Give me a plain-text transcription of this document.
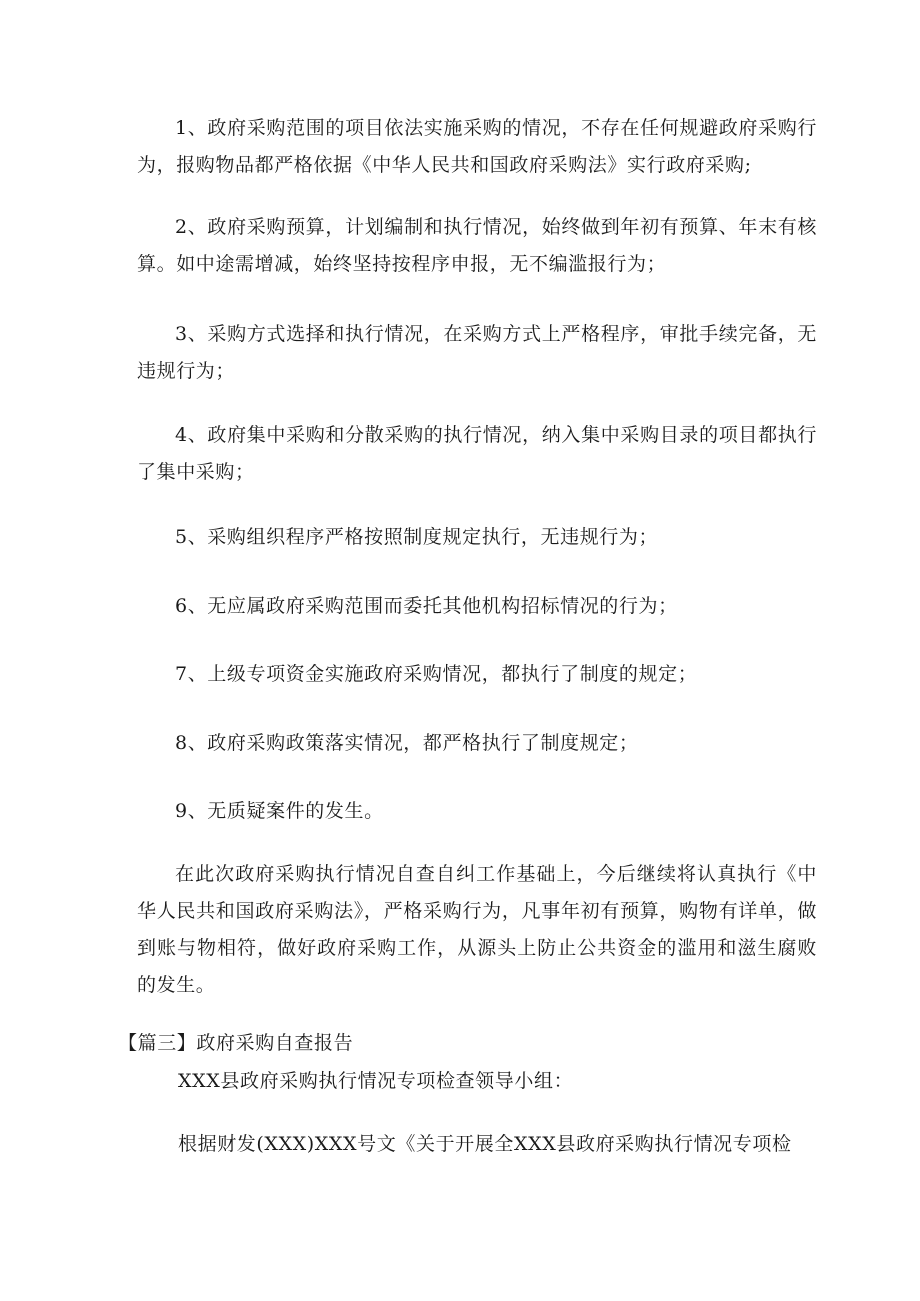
1、政府采购范围的项目依法实施采购的情况，不存在任何规避政府采购行为，报购物品都严格依据《中华人民共和国政府采购法》实行政府采购;

2、政府采购预算，计划编制和执行情况，始终做到年初有预算、年末有核算。如中途需增减，始终坚持按程序申报，无不编滥报行为；

3、采购方式选择和执行情况，在采购方式上严格程序，审批手续完备，无违规行为；

4、政府集中采购和分散采购的执行情况，纳入集中采购目录的项目都执行了集中采购；

5、采购组织程序严格按照制度规定执行，无违规行为；

6、无应属政府采购范围而委托其他机构招标情况的行为；

7、上级专项资金实施政府采购情况，都执行了制度的规定；

8、政府采购政策落实情况，都严格执行了制度规定；

9、无质疑案件的发生。

在此次政府采购执行情况自查自纠工作基础上，今后继续将认真执行《中华人民共和国政府采购法》，严格采购行为，凡事年初有预算，购物有详单，做到账与物相符，做好政府采购工作，从源头上防止公共资金的滥用和滋生腐败的发生。

【篇三】政府采购自查报告

XXX县政府采购执行情况专项检查领导小组：

根据财发(XXX)XXX号文《关于开展全XXX县政府采购执行情况专项检
